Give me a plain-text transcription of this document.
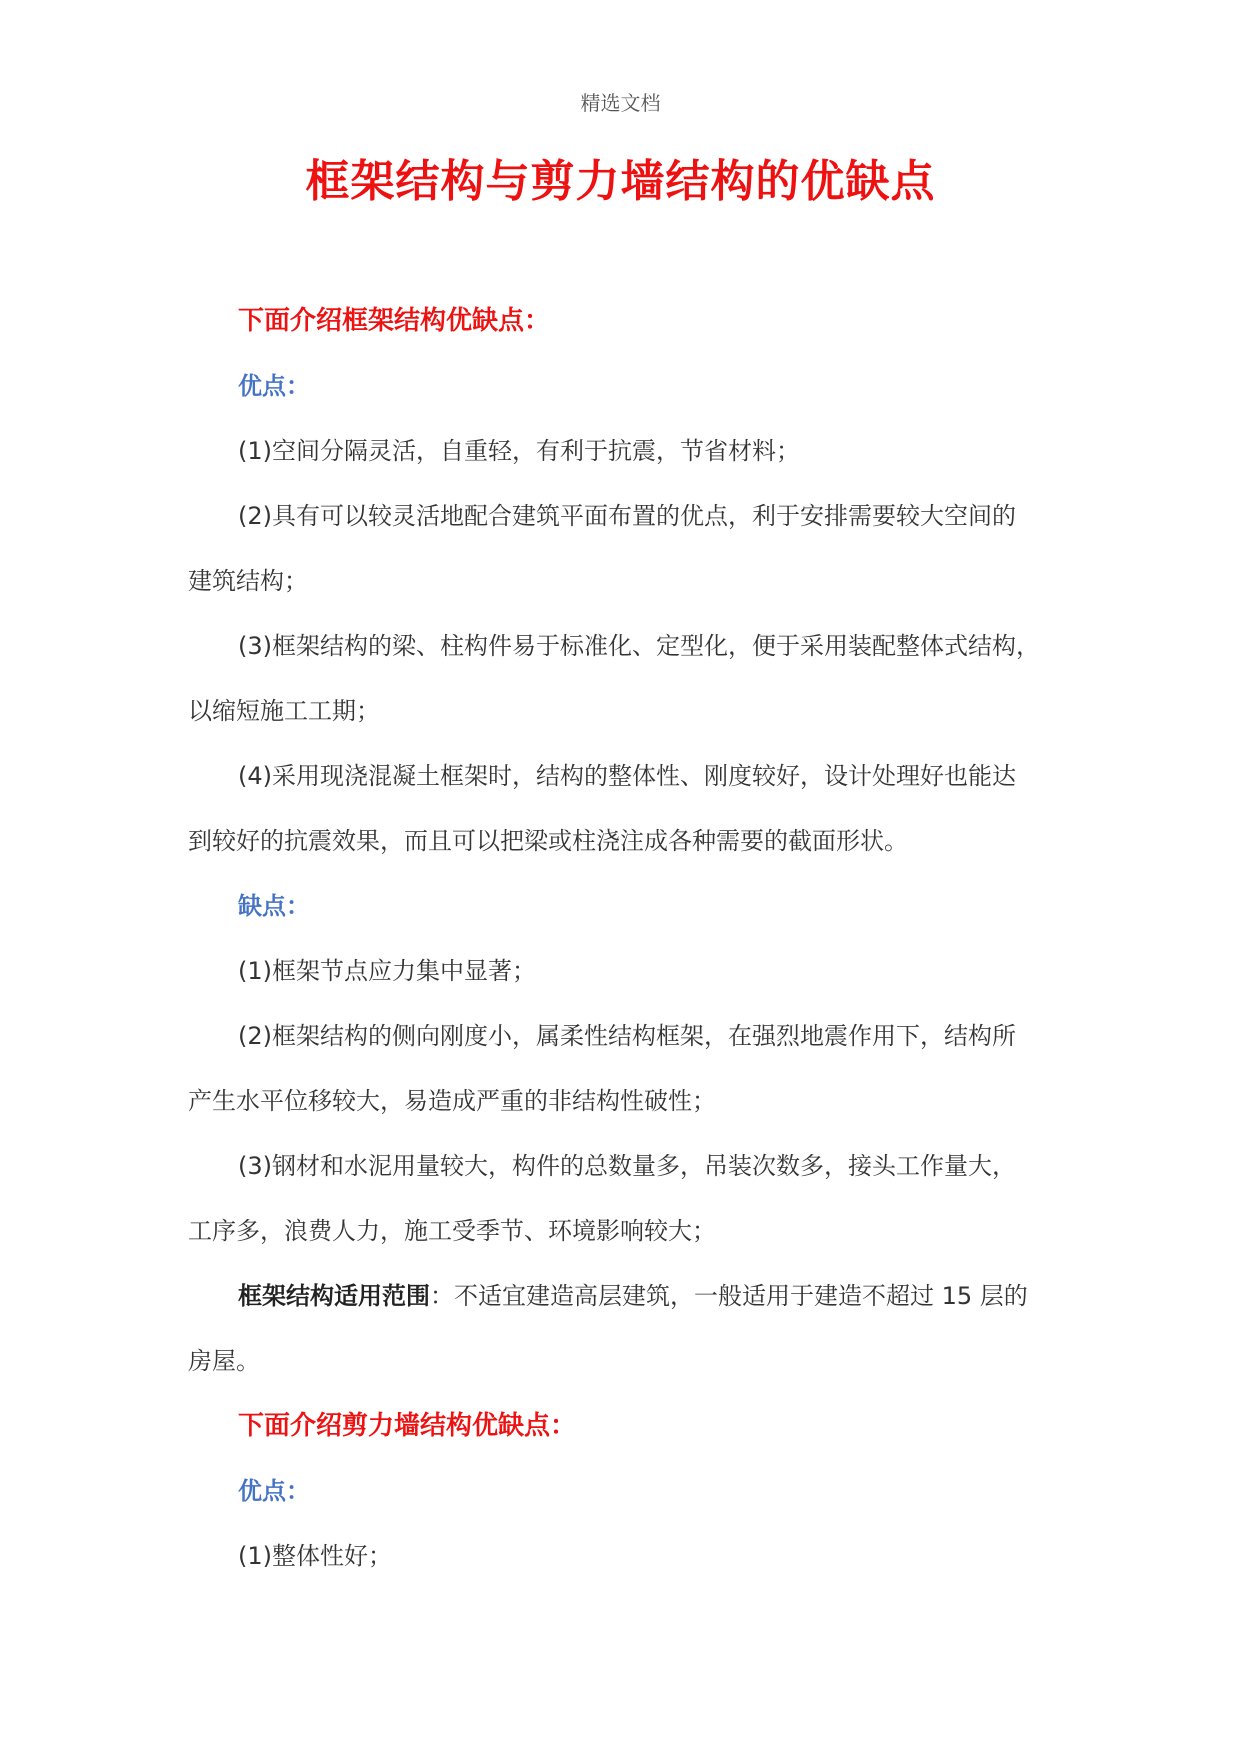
精选文档
框架结构与剪力墙结构的优缺点
下面介绍框架结构优缺点：
优点：
(1)空间分隔灵活，自重轻，有利于抗震，节省材料；
(2)具有可以较灵活地配合建筑平面布置的优点，利于安排需要较大空间的
建筑结构；
(3)框架结构的梁、柱构件易于标准化、定型化，便于采用装配整体式结构，
以缩短施工工期；
(4)采用现浇混凝土框架时，结构的整体性、刚度较好，设计处理好也能达
到较好的抗震效果，而且可以把梁或柱浇注成各种需要的截面形状。
缺点：
(1)框架节点应力集中显著；
(2)框架结构的侧向刚度小，属柔性结构框架，在强烈地震作用下，结构所
产生水平位移较大，易造成严重的非结构性破性；
(3)钢材和水泥用量较大，构件的总数量多，吊装次数多，接头工作量大，
工序多，浪费人力，施工受季节、环境影响较大；
框架结构适用范围：不适宜建造高层建筑，一般适用于建造不超过 15 层的
房屋。
下面介绍剪力墙结构优缺点：
优点：
(1)整体性好；
